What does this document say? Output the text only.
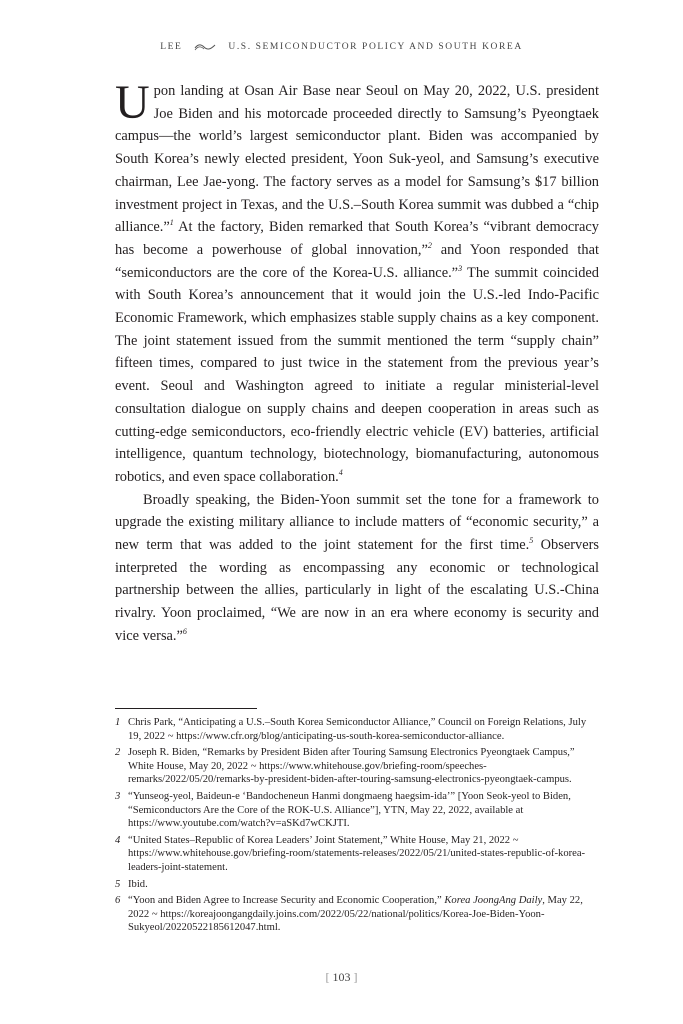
LEE	U.S. SEMICONDUCTOR POLICY AND SOUTH KOREA

Upon landing at Osan Air Base near Seoul on May 20, 2022, U.S. president Joe Biden and his motorcade proceeded directly to Samsung’s Pyeongtaek campus—the world’s largest semiconductor plant. Biden was accompanied by South Korea’s newly elected president, Yoon Suk-yeol, and Samsung’s executive chairman, Lee Jae-yong. The factory serves as a model for Samsung’s $17 billion investment project in Texas, and the U.S.–South Korea summit was dubbed a “chip alliance.”$^1$ At the factory, Biden remarked that South Korea’s “vibrant democracy has become a powerhouse of global innovation,”$^2$ and Yoon responded that “semiconductors are the core of the Korea-U.S. alliance.”$^3$ The summit coincided with South Korea’s announcement that it would join the U.S.-led Indo-Pacific Economic Framework, which emphasizes stable supply chains as a key component. The joint statement issued from the summit mentioned the term “supply chain” fifteen times, compared to just twice in the statement from the previous year’s event. Seoul and Washington agreed to initiate a regular ministerial-level consultation dialogue on supply chains and deepen cooperation in areas such as cutting-edge semiconductors, eco-friendly electric vehicle (EV) batteries, artificial intelligence, quantum technology, biotechnology, biomanufacturing, autonomous robotics, and even space collaboration.$^4$

Broadly speaking, the Biden-Yoon summit set the tone for a framework to upgrade the existing military alliance to include matters of “economic security,” a new term that was added to the joint statement for the first time.$^5$ Observers interpreted the wording as encompassing any economic or technological partnership between the allies, particularly in light of the escalating U.S.-China rivalry. Yoon proclaimed, “We are now in an era where economy is security and vice versa.”$^6$

1 Chris Park, “Anticipating a U.S.–South Korea Semiconductor Alliance,” Council on Foreign Relations, July 19, 2022 ~ https://www.cfr.org/blog/anticipating-us-south-korea-semiconductor-alliance.
2 Joseph R. Biden, “Remarks by President Biden after Touring Samsung Electronics Pyeongtaek Campus,” White House, May 20, 2022 ~ https://www.whitehouse.gov/briefing-room/speeches-remarks/2022/05/20/remarks-by-president-biden-after-touring-samsung-electronics-pyeongtaek-campus.
3 “Yunseog-yeol, Baideun-e ‘Bandocheneun Hanmi dongmaeng haegsim-ida’” [Yoon Seok-yeol to Biden, “Semiconductors Are the Core of the ROK-U.S. Alliance”], YTN, May 22, 2022, available at https://www.youtube.com/watch?v=aSKd7wCKJTI.
4 “United States–Republic of Korea Leaders’ Joint Statement,” White House, May 21, 2022 ~ https://www.whitehouse.gov/briefing-room/statements-releases/2022/05/21/united-states-republic-of-korea-leaders-joint-statement.
5 Ibid.
6 “Yoon and Biden Agree to Increase Security and Economic Cooperation,” Korea JoongAng Daily, May 22, 2022 ~ https://koreajoongangdaily.joins.com/2022/05/22/national/politics/Korea-Joe-Biden-Yoon-Sukyeol/20220522185612047.html.
[ 103 ]
